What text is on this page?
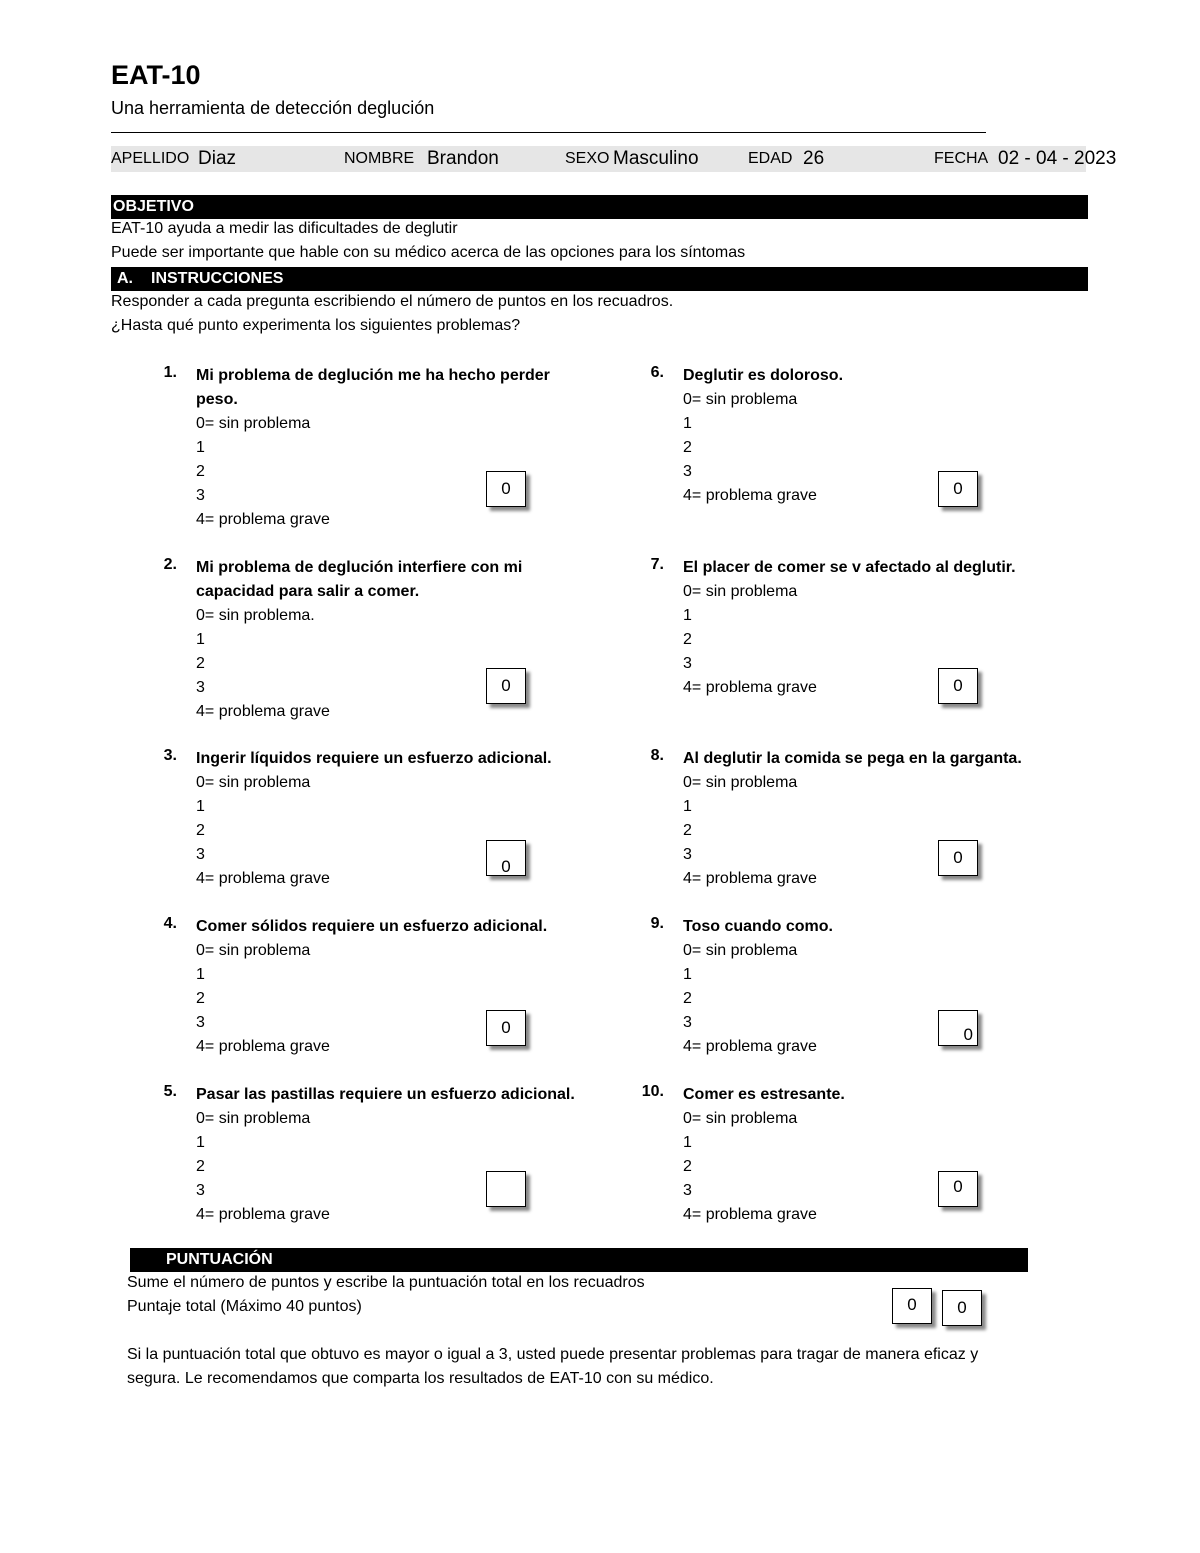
EAT-10
Una herramienta de detección deglución
APELLIDO Diaz	NOMBRE Brandon	SEXO Masculino	EDAD 26	FECHA 02 - 04 - 2023
OBJETIVO
EAT-10 ayuda a medir las dificultades de deglutir
Puede ser importante que hable con su médico acerca de las opciones para los síntomas
A. INSTRUCCIONES
Responder a cada pregunta escribiendo el número de puntos en los recuadros.
¿Hasta qué punto experimenta los siguientes problemas?
1. Mi problema de deglución me ha hecho perder peso.
0= sin problema
1
2
3
4= problema grave
0
2. Mi problema de deglución interfiere con mi capacidad para salir a comer.
0= sin problema.
1
2
3
4= problema grave
0
3. Ingerir líquidos requiere un esfuerzo adicional.
0= sin problema
1
2
3
4= problema grave
0
4. Comer sólidos requiere un esfuerzo adicional.
0= sin problema
1
2
3
4= problema grave
0
5. Pasar las pastillas requiere un esfuerzo adicional.
0= sin problema
1
2
3
4= problema grave
6. Deglutir es doloroso.
0= sin problema
1
2
3
4= problema grave	0
7. El placer de comer se v afectado al deglutir.
0= sin problema
1
2
3
4= problema grave	0
8. Al deglutir la comida se pega en la garganta.
0= sin problema
1
2
3
4= problema grave
0
9. Toso cuando como.
0= sin problema
1
2
3
4= problema grave
0
10. Comer es estresante.
0= sin problema
1
2
3
4= problema grave
0
PUNTUACIÓN
Sume el número de puntos y escribe la puntuación total en los recuadros
Puntaje total (Máximo 40 puntos)	0	0
Si la puntuación total que obtuvo es mayor o igual a 3, usted puede presentar problemas para tragar de manera eficaz y
segura. Le recomendamos que comparta los resultados de EAT-10 con su médico.
